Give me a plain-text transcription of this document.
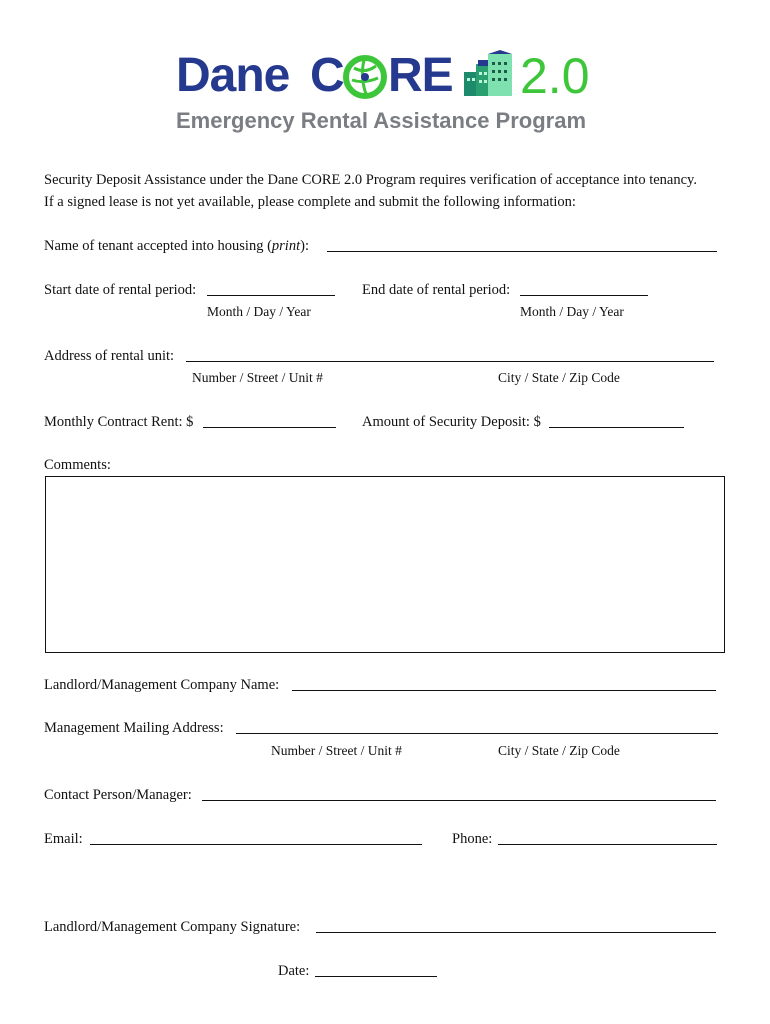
Dane C RE 2.0
Emergency Rental Assistance Program
Security Deposit Assistance under the Dane CORE 2.0 Program requires verification of acceptance into tenancy.
If a signed lease is not yet available, please complete and submit the following information:
Name of tenant accepted into housing (print):
Start date of rental period:
Month / Day / Year
End date of rental period:
Month / Day / Year
Address of rental unit:
Number / Street / Unit #	City / State / Zip Code
Monthly Contract Rent: $	Amount of Security Deposit: $
Comments:
Landlord/Management Company Name:
Management Mailing Address:
Number / Street / Unit #	City / State / Zip Code
Contact Person/Manager:
Email:	Phone:
Landlord/Management Company Signature:
Date:
